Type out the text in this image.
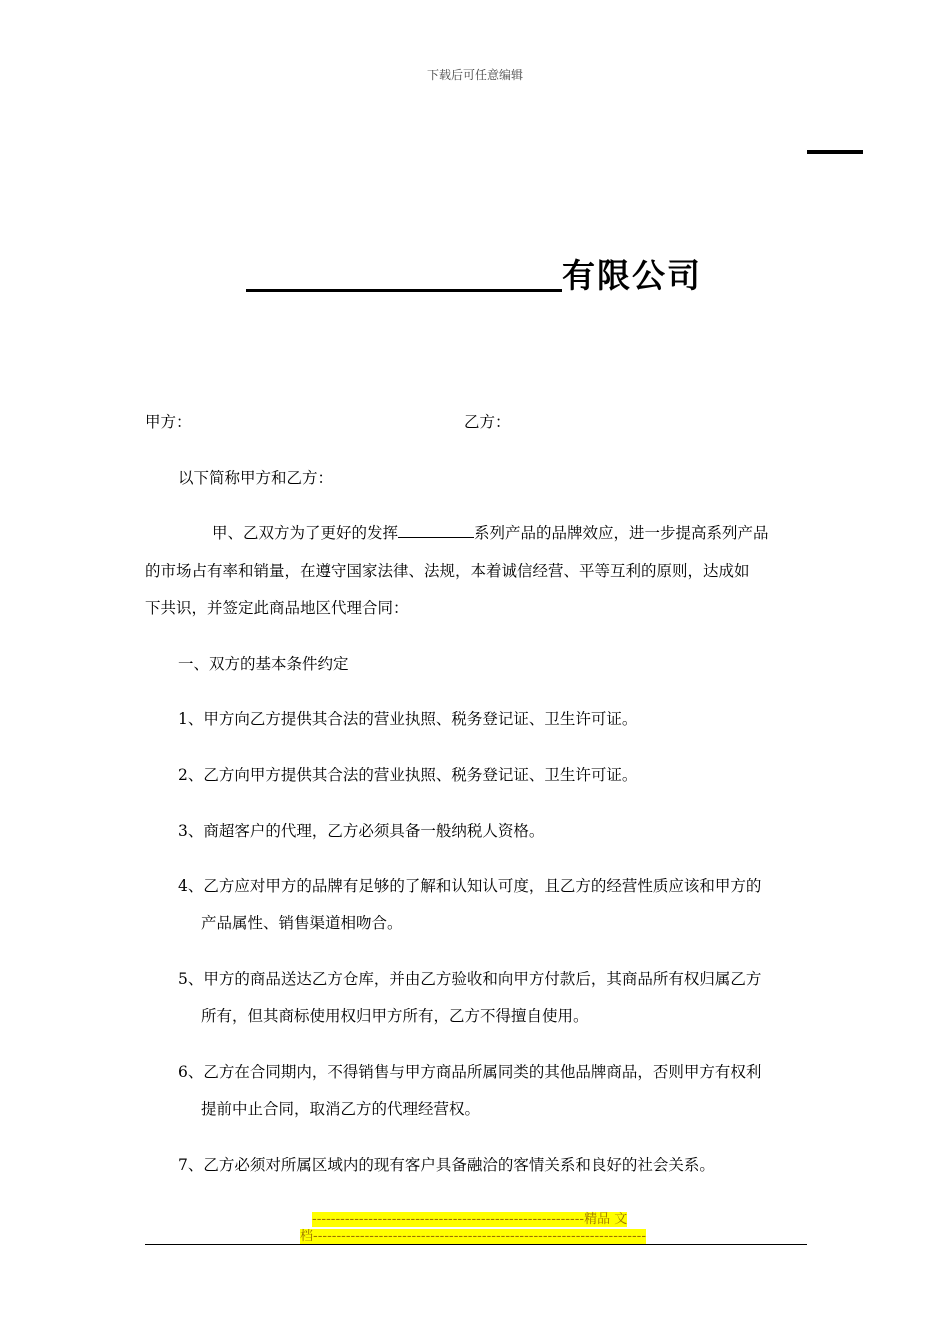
下载后可任意编辑
有限公司
甲方：	乙方：
以下简称甲方和乙方：
甲、乙双方为了更好的发挥	系列产品的品牌效应，进一步提高系列产品
的市场占有率和销量，在遵守国家法律、法规，本着诚信经营、平等互利的原则，达成如
下共识，并签定此商品地区代理合同：
一、双方的基本条件约定
1、甲方向乙方提供其合法的营业执照、税务登记证、卫生许可证。
2、乙方向甲方提供其合法的营业执照、税务登记证、卫生许可证。
3、商超客户的代理，乙方必须具备一般纳税人资格。
4、乙方应对甲方的品牌有足够的了解和认知认可度，且乙方的经营性质应该和甲方的
产品属性、销售渠道相吻合。
5、甲方的商品送达乙方仓库，并由乙方验收和向甲方付款后，其商品所有权归属乙方
所有，但其商标使用权归甲方所有，乙方不得擅自使用。
6、乙方在合同期内，不得销售与甲方商品所属同类的其他品牌商品，否则甲方有权利
提前中止合同，取消乙方的代理经营权。
7、乙方必须对所属区域内的现有客户具备融洽的客情关系和良好的社会关系。
----------------------------------------------------------精品 文
档-----------------------------------------------------------------------
